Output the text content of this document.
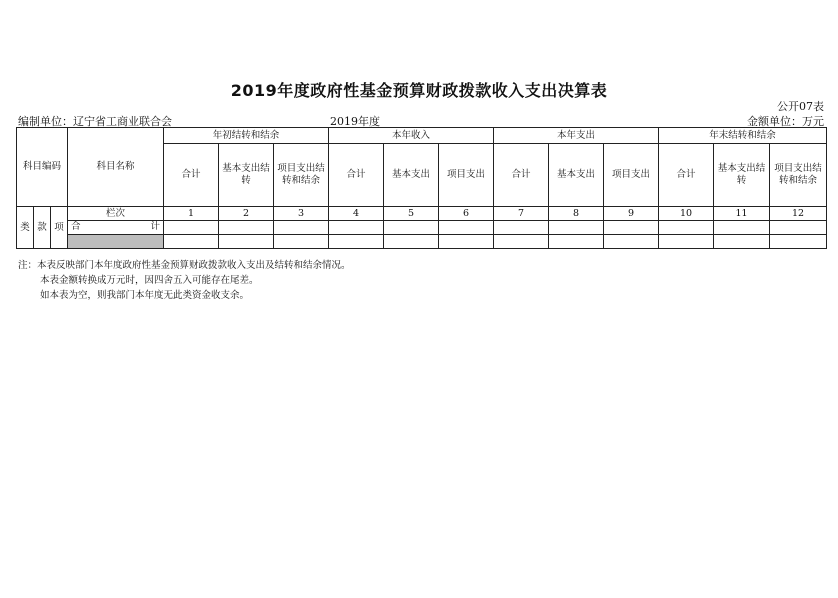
2019年度政府性基金预算财政拨款收入支出决算表
公开07表
编制单位：辽宁省工商业联合会	2019年度	金额单位：万元
科目编码			科目名称	年初结转和结余			本年收入			本年支出			年末结转和结余		
				合计	基本支出结转	项目支出结转和结余	合计	基本支出	项目支出	合计	基本支出	项目支出	合计	基本支出结转	项目支出结转和结余
类	款	项	栏次	1	2	3	4	5	6	7	8	9	10	11	12

			合 计												

注：本表反映部门本年度政府性基金预算财政拨款收入支出及结转和结余情况。
本表金额转换成万元时，因四舍五入可能存在尾差。
如本表为空，则我部门本年度无此类资金收支余。
